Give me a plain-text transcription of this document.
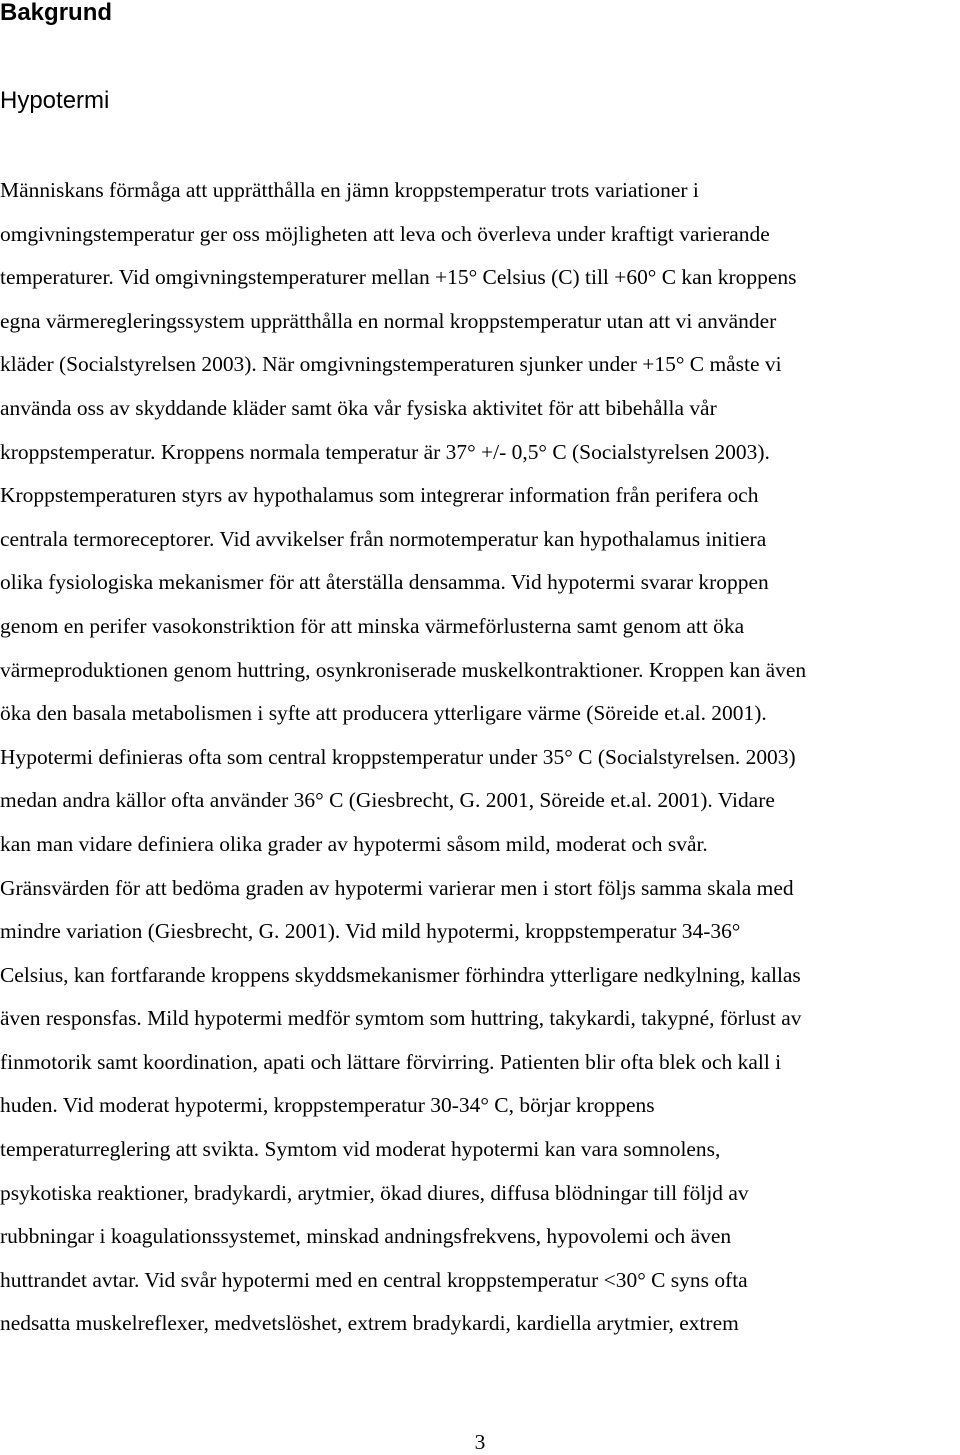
Bakgrund
Hypotermi
Människans förmåga att upprätthålla en jämn kroppstemperatur trots variationer i
omgivningstemperatur ger oss möjligheten att leva och överleva under kraftigt varierande
temperaturer. Vid omgivningstemperaturer mellan +15° Celsius (C) till +60° C kan kroppens
egna värmeregleringssystem upprätthålla en normal kroppstemperatur utan att vi använder
kläder (Socialstyrelsen 2003). När omgivningstemperaturen sjunker under +15° C måste vi
använda oss av skyddande kläder samt öka vår fysiska aktivitet för att bibehålla vår
kroppstemperatur. Kroppens normala temperatur är 37° +/- 0,5° C (Socialstyrelsen 2003).
Kroppstemperaturen styrs av hypothalamus som integrerar information från perifera och
centrala termoreceptorer. Vid avvikelser från normotemperatur kan hypothalamus initiera
olika fysiologiska mekanismer för att återställa densamma. Vid hypotermi svarar kroppen
genom en perifer vasokonstriktion för att minska värmeförlusterna samt genom att öka
värmeproduktionen genom huttring, osynkroniserade muskelkontraktioner. Kroppen kan även
öka den basala metabolismen i syfte att producera ytterligare värme (Söreide et.al. 2001).
Hypotermi definieras ofta som central kroppstemperatur under 35° C (Socialstyrelsen. 2003)
medan andra källor ofta använder 36° C (Giesbrecht, G. 2001, Söreide et.al. 2001). Vidare
kan man vidare definiera olika grader av hypotermi såsom mild, moderat och svår.
Gränsvärden för att bedöma graden av hypotermi varierar men i stort följs samma skala med
mindre variation (Giesbrecht, G. 2001). Vid mild hypotermi, kroppstemperatur 34-36°
Celsius, kan fortfarande kroppens skyddsmekanismer förhindra ytterligare nedkylning, kallas
även responsfas. Mild hypotermi medför symtom som huttring, takykardi, takypné, förlust av
finmotorik samt koordination, apati och lättare förvirring. Patienten blir ofta blek och kall i
huden. Vid moderat hypotermi, kroppstemperatur 30-34° C, börjar kroppens
temperaturreglering att svikta. Symtom vid moderat hypotermi kan vara somnolens,
psykotiska reaktioner, bradykardi, arytmier, ökad diures, diffusa blödningar till följd av
rubbningar i koagulationssystemet, minskad andningsfrekvens, hypovolemi och även
huttrandet avtar. Vid svår hypotermi med en central kroppstemperatur <30° C syns ofta
nedsatta muskelreflexer, medvetslöshet, extrem bradykardi, kardiella arytmier, extrem
3
